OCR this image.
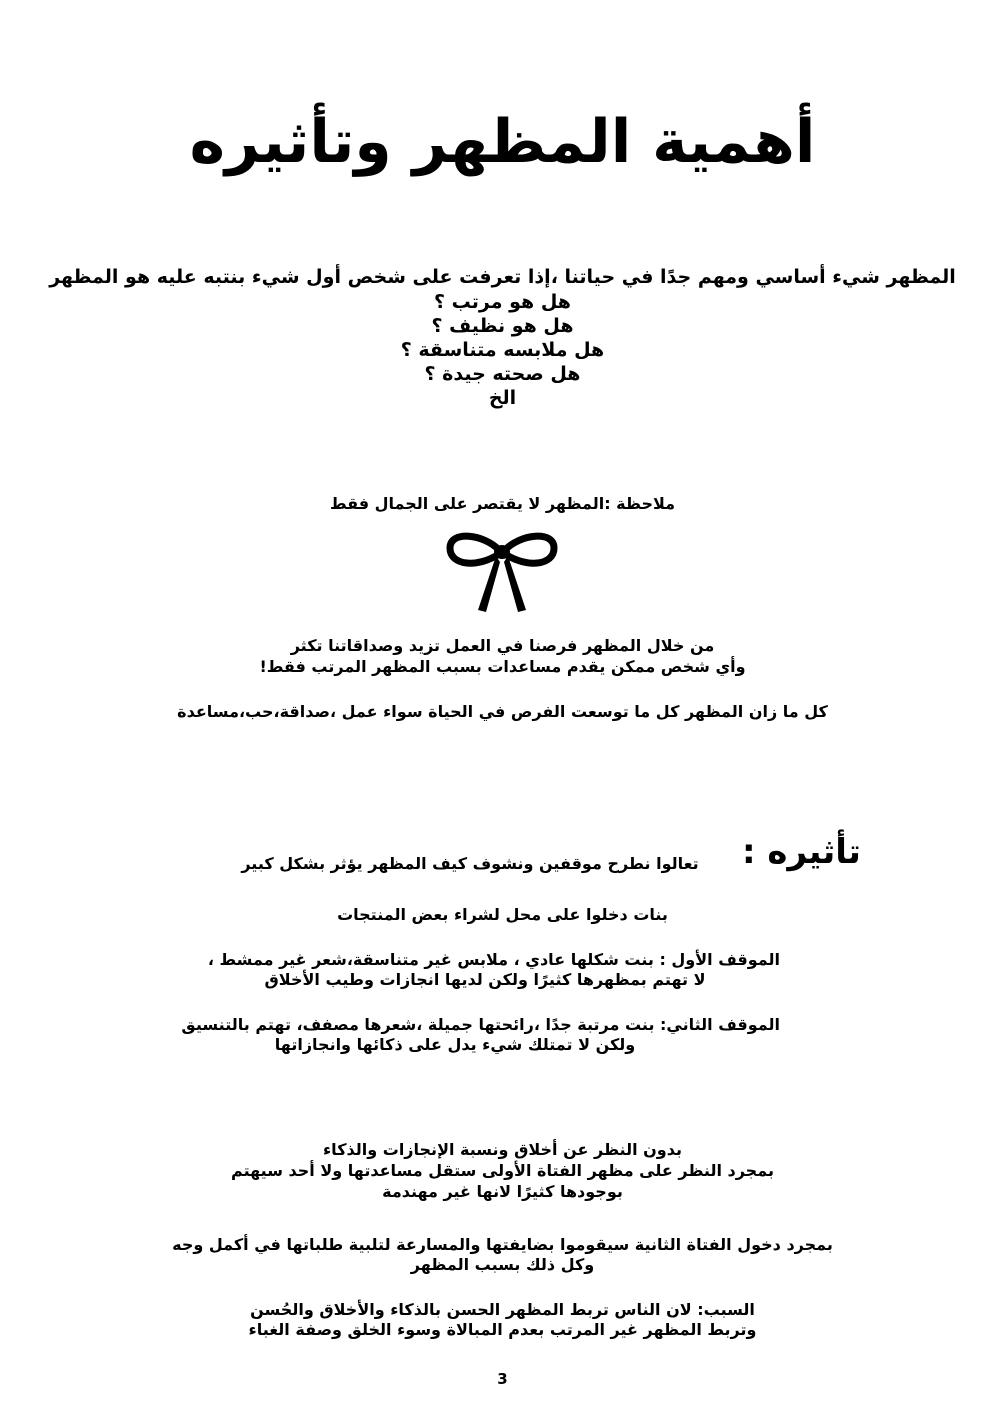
أهمية المظهر وتأثيره
المظهر شيء أساسي ومهم جدًا في حياتنا ،إذا تعرفت على شخص أول شيء بنتبه عليه هو المظهر
هل هو مرتب ؟
هل هو نظيف ؟
هل ملابسه متناسقة ؟
هل صحته جيدة ؟
الخ
ملاحظة :المظهر لا يقتصر على الجمال فقط
من خلال المظهر فرصنا في العمل تزيد وصداقاتنا تكثر
وأي شخص ممكن يقدم مساعدات بسبب المظهر المرتب فقط!
كل ما زان المظهر كل ما توسعت الفرص في الحياة سواء عمل ،صداقة،حب،مساعدة
تأثيره :
تعالوا نطرح موقفين ونشوف كيف المظهر يؤثر بشكل كبير
بنات دخلوا على محل لشراء بعض المنتجات
الموقف الأول : بنت شكلها عادي ، ملابس غير متناسقة،شعر غير ممشط ،
لا تهتم بمظهرها كثيرًا ولكن لديها انجازات وطيب الأخلاق
الموقف الثاني: بنت مرتبة جدًا ،رائحتها جميلة ،شعرها مصفف، تهتم بالتنسيق
ولكن لا تمتلك شيء يدل على ذكائها وانجازاتها
بدون النظر عن أخلاق ونسبة الإنجازات والذكاء
بمجرد النظر على مظهر الفتاة الأولى ستقل مساعدتها ولا أحد سيهتم
بوجودها كثيرًا لانها غير مهندمة
بمجرد دخول الفتاة الثانية سيقوموا بضايفتها والمسارعة لتلبية طلباتها في أكمل وجه
وكل ذلك بسبب المظهر
السبب: لان الناس تربط المظهر الحسن بالذكاء والأخلاق والحُسن
وتربط المظهر غير المرتب بعدم المبالاة وسوء الخلق وصفة الغباء
3
